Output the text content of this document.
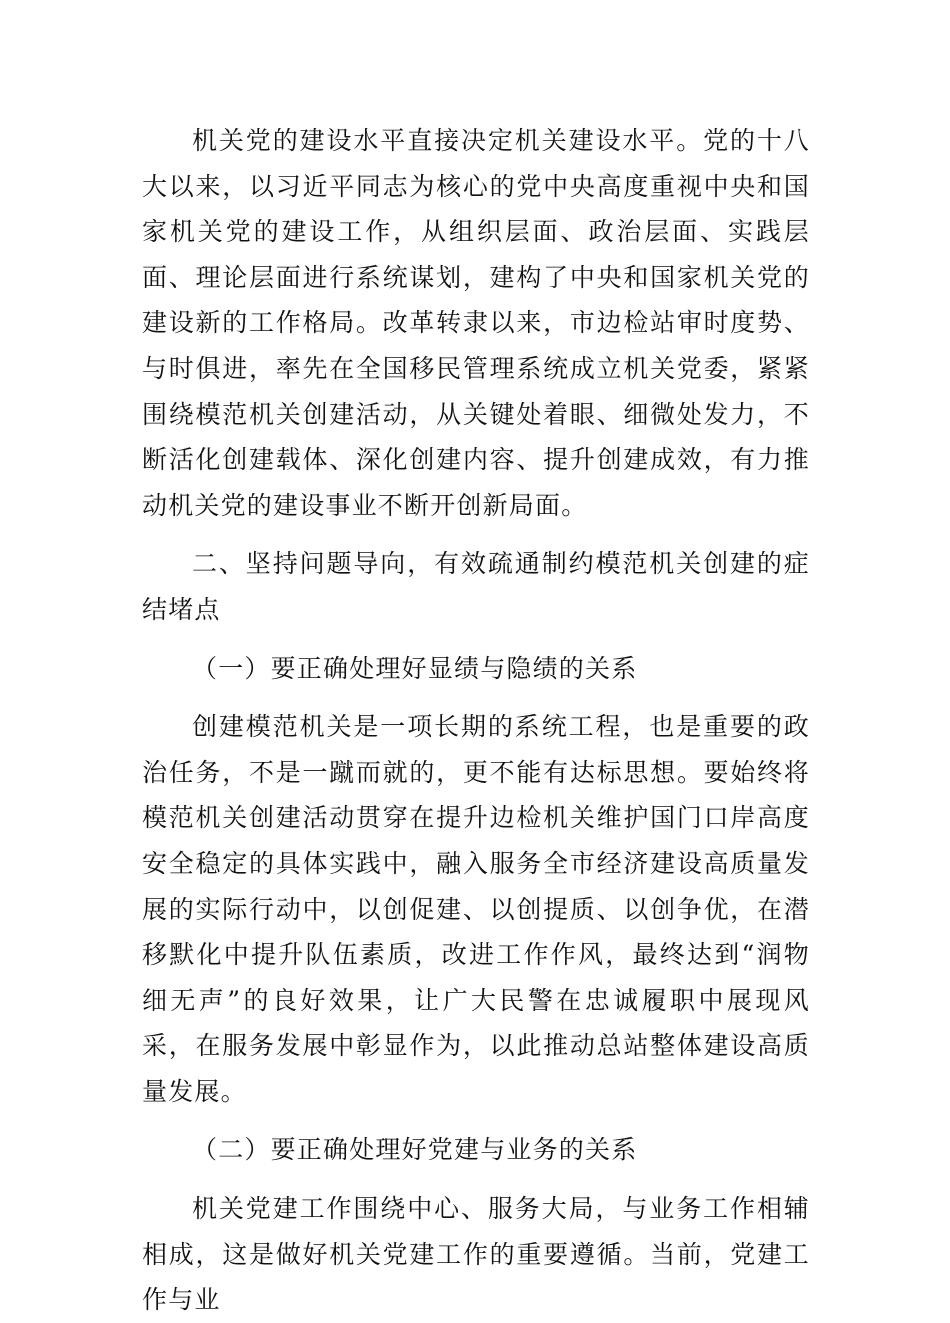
机关党的建设水平直接决定机关建设水平。党的十八大以来，以习近平同志为核心的党中央高度重视中央和国家机关党的建设工作，从组织层面、政治层面、实践层面、理论层面进行系统谋划，建构了中央和国家机关党的建设新的工作格局。改革转隶以来，市边检站审时度势、与时俱进，率先在全国移民管理系统成立机关党委，紧紧围绕模范机关创建活动，从关键处着眼、细微处发力，不断活化创建载体、深化创建内容、提升创建成效，有力推动机关党的建设事业不断开创新局面。

二、坚持问题导向，有效疏通制约模范机关创建的症结堵点

（一）要正确处理好显绩与隐绩的关系

创建模范机关是一项长期的系统工程，也是重要的政治任务，不是一蹴而就的，更不能有达标思想。要始终将模范机关创建活动贯穿在提升边检机关维护国门口岸高度安全稳定的具体实践中，融入服务全市经济建设高质量发展的实际行动中，以创促建、以创提质、以创争优，在潜移默化中提升队伍素质，改进工作作风，最终达到“润物细无声”的良好效果，让广大民警在忠诚履职中展现风采，在服务发展中彰显作为，以此推动总站整体建设高质量发展。

（二）要正确处理好党建与业务的关系

机关党建工作围绕中心、服务大局，与业务工作相辅相成，这是做好机关党建工作的重要遵循。当前，党建工作与业
